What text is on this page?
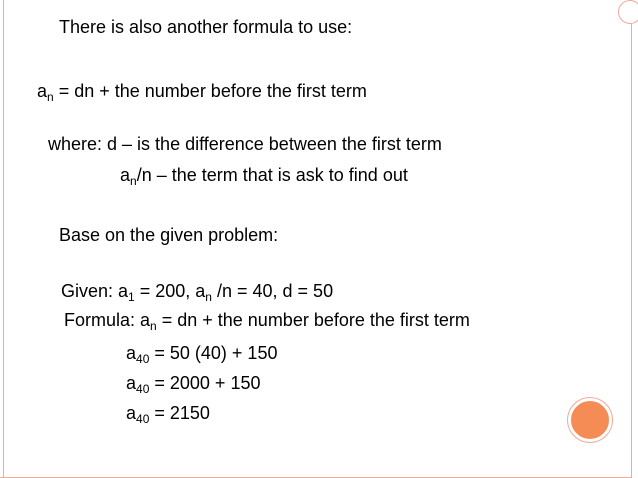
There is also another formula to use:
$a_n$ = dn + the number before the first term
where: d – is the difference between the first term
$a_n/n$ – the term that is ask to find out
Base on the given problem:
Given: $a_1 = 200$, $a_n$ /n = 40, d = 50
Formula: $a_n$ = dn + the number before the first term
$a_{40} = 50$ (40) + 150
$a_{40} = 2000 + 150$
$a_{40} = 2150$
